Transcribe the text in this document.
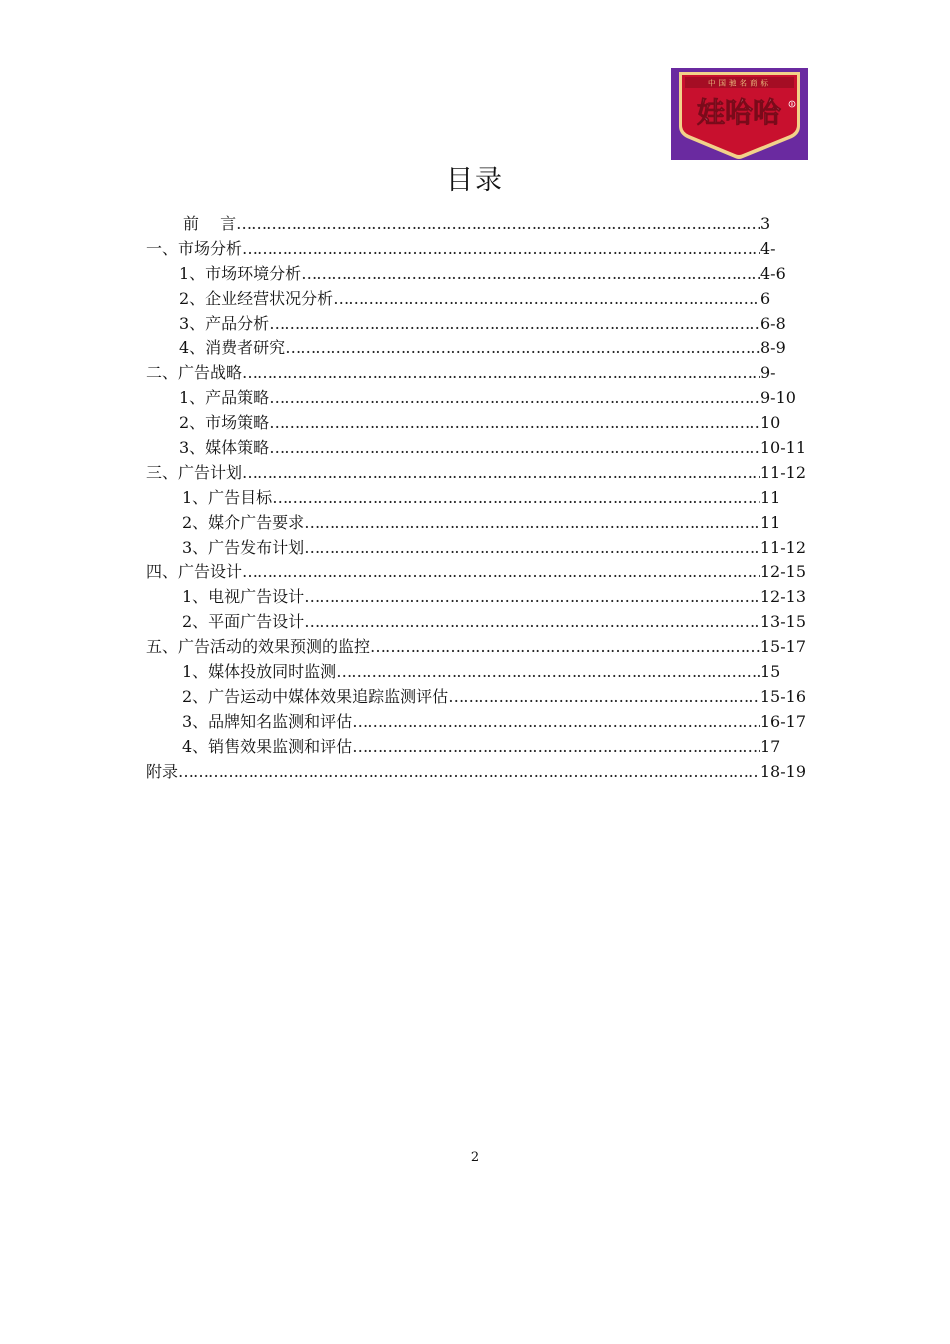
中国驰名商标
娃哈哈 R
目录
前　 言 …………………………………………………………………………………………………………………………………………………………………………	3
一、市场分析 …………………………………………………………………………………………………………………………………………………………………………	4-
1、市场环境分析 …………………………………………………………………………………………………………………………………………………………………………	4-6
2、企业经营状况分析 …………………………………………………………………………………………………………………………………………………………………………	6
3、产品分析 …………………………………………………………………………………………………………………………………………………………………………	6-8
4、消费者研究 …………………………………………………………………………………………………………………………………………………………………………	8-9
二、广告战略 …………………………………………………………………………………………………………………………………………………………………………	9-
1、产品策略 …………………………………………………………………………………………………………………………………………………………………………	9-10
2、市场策略 …………………………………………………………………………………………………………………………………………………………………………	10
3、媒体策略 …………………………………………………………………………………………………………………………………………………………………………	10-11
三、广告计划 …………………………………………………………………………………………………………………………………………………………………………	11-12
1、广告目标 …………………………………………………………………………………………………………………………………………………………………………	11
2、媒介广告要求 …………………………………………………………………………………………………………………………………………………………………………	11
3、广告发布计划 …………………………………………………………………………………………………………………………………………………………………………	11-12
四、广告设计 …………………………………………………………………………………………………………………………………………………………………………	12-15
1、电视广告设计 …………………………………………………………………………………………………………………………………………………………………………	12-13
2、平面广告设计 …………………………………………………………………………………………………………………………………………………………………………	13-15
五、广告活动的效果预测的监控 …………………………………………………………………………………………………………………………………………………………………………	15-17
1、媒体投放同时监测 …………………………………………………………………………………………………………………………………………………………………………	15
2、广告运动中媒体效果追踪监测评估 …………………………………………………………………………………………………………………………………………………………………………	15-16
3、品牌知名监测和评估 …………………………………………………………………………………………………………………………………………………………………………	16-17
4、销售效果监测和评估 …………………………………………………………………………………………………………………………………………………………………………	17
附录 …………………………………………………………………………………………………………………………………………………………………………	18-19
2
